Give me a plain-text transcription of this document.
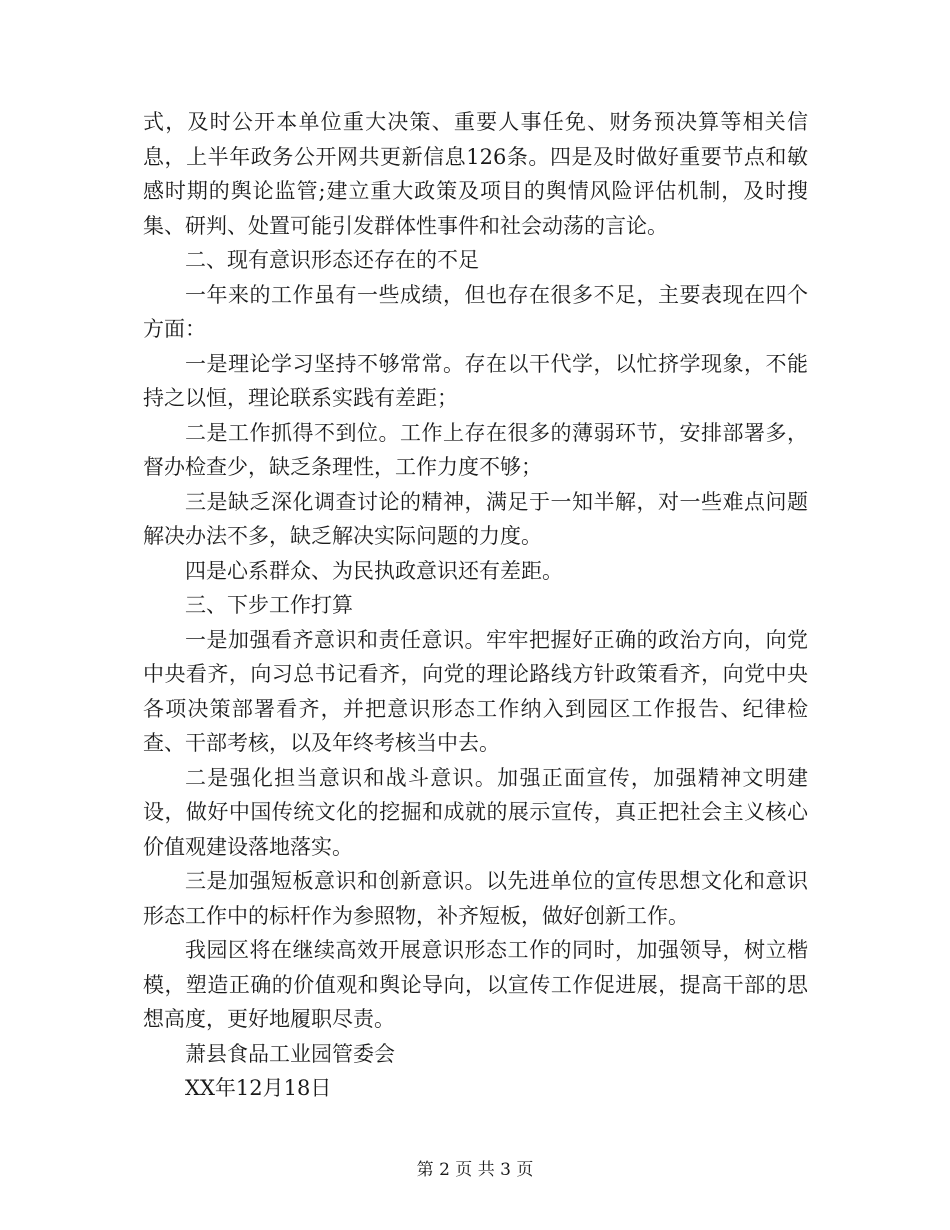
式，及时公开本单位重大决策、重要人事任免、财务预决算等相关信息，上半年政务公开网共更新信息126条。四是及时做好重要节点和敏感时期的舆论监管;建立重大政策及项目的舆情风险评估机制，及时搜集、研判、处置可能引发群体性事件和社会动荡的言论。

二、现有意识形态还存在的不足

一年来的工作虽有一些成绩，但也存在很多不足，主要表现在四个方面：

一是理论学习坚持不够常常。存在以干代学，以忙挤学现象，不能持之以恒，理论联系实践有差距；

二是工作抓得不到位。工作上存在很多的薄弱环节，安排部署多，督办检查少，缺乏条理性，工作力度不够；

三是缺乏深化调查讨论的精神，满足于一知半解，对一些难点问题解决办法不多，缺乏解决实际问题的力度。

四是心系群众、为民执政意识还有差距。

三、下步工作打算

一是加强看齐意识和责任意识。牢牢把握好正确的政治方向，向党中央看齐，向习总书记看齐，向党的理论路线方针政策看齐，向党中央各项决策部署看齐，并把意识形态工作纳入到园区工作报告、纪律检查、干部考核，以及年终考核当中去。

二是强化担当意识和战斗意识。加强正面宣传，加强精神文明建设，做好中国传统文化的挖掘和成就的展示宣传，真正把社会主义核心价值观建设落地落实。

三是加强短板意识和创新意识。以先进单位的宣传思想文化和意识形态工作中的标杆作为参照物，补齐短板，做好创新工作。

我园区将在继续高效开展意识形态工作的同时，加强领导，树立楷模，塑造正确的价值观和舆论导向，以宣传工作促进展，提高干部的思想高度，更好地履职尽责。

萧县食品工业园管委会

XX年12月18日

第 2 页 共 3 页
